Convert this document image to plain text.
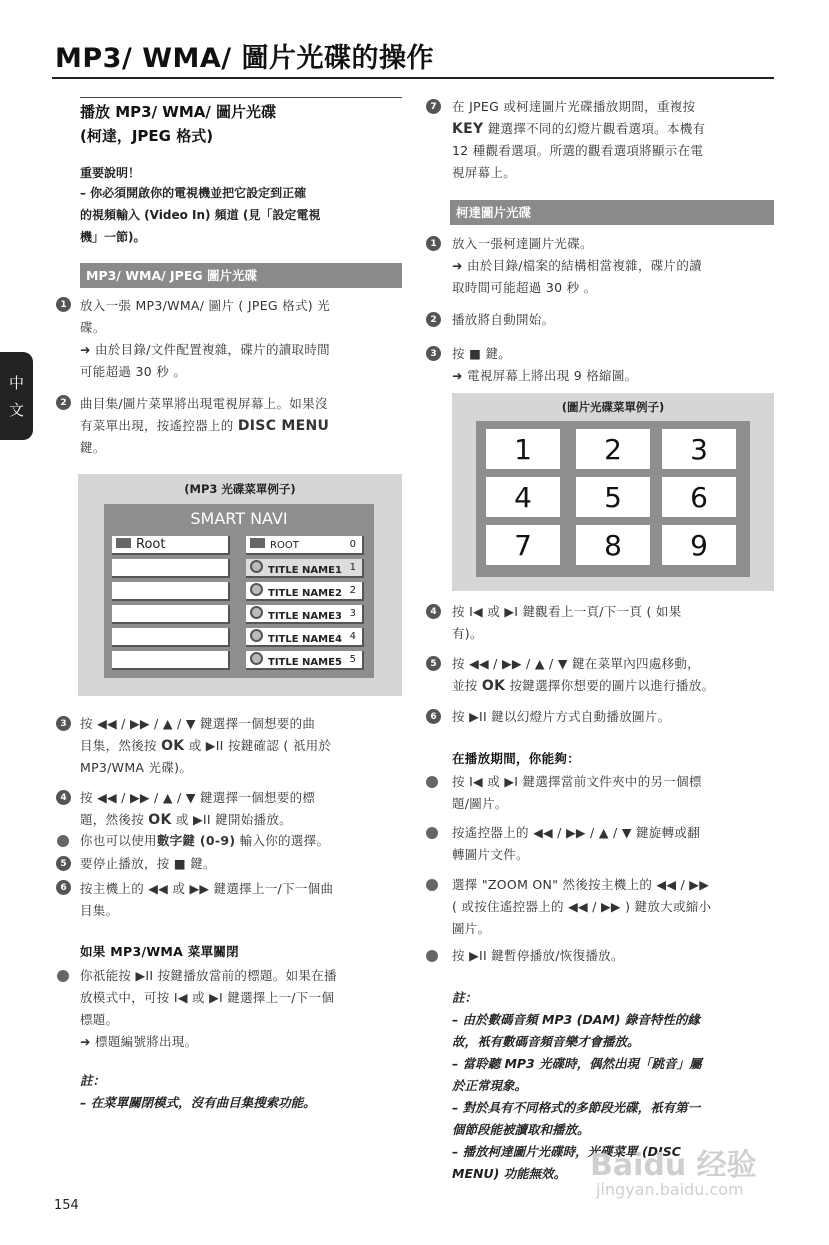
MP3/ WMA/ 圖片光碟的操作
中
文
播放 MP3/ WMA/ 圖片光碟
(柯達，JPEG 格式)
重要說明！
– 你必須開啟你的電視機並把它設定到正確
的視頻輸入 (Video In) 頻道 (見「設定電視
機」一節)。
MP3/ WMA/ JPEG 圖片光碟
1	放入一張 MP3/WMA/ 圖片 ( JPEG 格式) 光
碟。
➜ 由於目錄/文件配置複雜，碟片的讀取時間
可能超過 30 秒 。
2	曲目集/圖片菜單將出現電視屏幕上。如果沒
有菜單出現，按遙控器上的 DISC MENU
鍵。
(MP3 光碟菜單例子)
SMART NAVI
Root	ROOT	0
TITLE NAME1 1
TITLE NAME2 2
TITLE NAME3 3
TITLE NAME4 4
TITLE NAME5 5
3	按 ◀◀ / ▶▶ / ▲ / ▼ 鍵選擇一個想要的曲
目集，然後按 OK 或 ▶II 按鍵確認 ( 祇用於
MP3/WMA 光碟)。
4	按 ◀◀ / ▶▶ / ▲ / ▼ 鍵選擇一個想要的標
題，然後按 OK 或 ▶II 鍵開始播放。
你也可以使用數字鍵 (0-9) 輸入你的選擇。
5	要停止播放，按 ■ 鍵。
6	按主機上的 ◀◀ 或 ▶▶ 鍵選擇上一/下一個曲
目集。
如果 MP3/WMA 菜單關閉
你祇能按 ▶II 按鍵播放當前的標題。如果在播
放模式中，可按 I◀ 或 ▶I 鍵選擇上一/下一個
標題。
➜ 標題編號將出現。
註：
– 在菜單關閉模式，沒有曲目集搜索功能。
7	在 JPEG 或柯達圖片光碟播放期間，重複按
KEY 鍵選擇不同的幻燈片觀看選項。本機有
12 種觀看選項。所選的觀看選項將顯示在電
視屏幕上。
柯達圖片光碟
1	放入一張柯達圖片光碟。
➜ 由於目錄/檔案的結構相當複雜，碟片的讀
取時間可能超過 30 秒 。
2	播放將自動開始。
3	按 ■ 鍵。
➜ 電視屏幕上將出現 9 格縮圖。
(圖片光碟菜單例子)
1	2	3
4	5	6
7	8	9
4	按 I◀ 或 ▶I 鍵觀看上一頁/下一頁 ( 如果
有)。
5	按 ◀◀ / ▶▶ / ▲ / ▼ 鍵在菜單內四處移動，
並按 OK 按鍵選擇你想要的圖片以進行播放。
6	按 ▶II 鍵以幻燈片方式自動播放圖片。
在播放期間，你能夠：
按 I◀ 或 ▶I 鍵選擇當前文件夾中的另一個標
題/圖片。
按遙控器上的 ◀◀ / ▶▶ / ▲ / ▼ 鍵旋轉或翻
轉圖片文件。
選擇 "ZOOM ON" 然後按主機上的 ◀◀ / ▶▶
( 或按住遙控器上的 ◀◀ / ▶▶ ) 鍵放大或縮小
圖片。
按 ▶II 鍵暫停播放/恢復播放。
註：
– 由於數碼音頻 MP3 (DAM) 錄音特性的緣
故，衹有數碼音頻音樂才會播放。
– 當聆聽 MP3 光碟時，偶然出現「跳音」屬
於正常現象。
– 對於具有不同格式的多節段光碟，衹有第一
個節段能被讀取和播放。
– 播放柯達圖片光碟時，光碟菜單 (DISC
MENU) 功能無效。 Baidu 经验
jingyan.baidu.com
154
